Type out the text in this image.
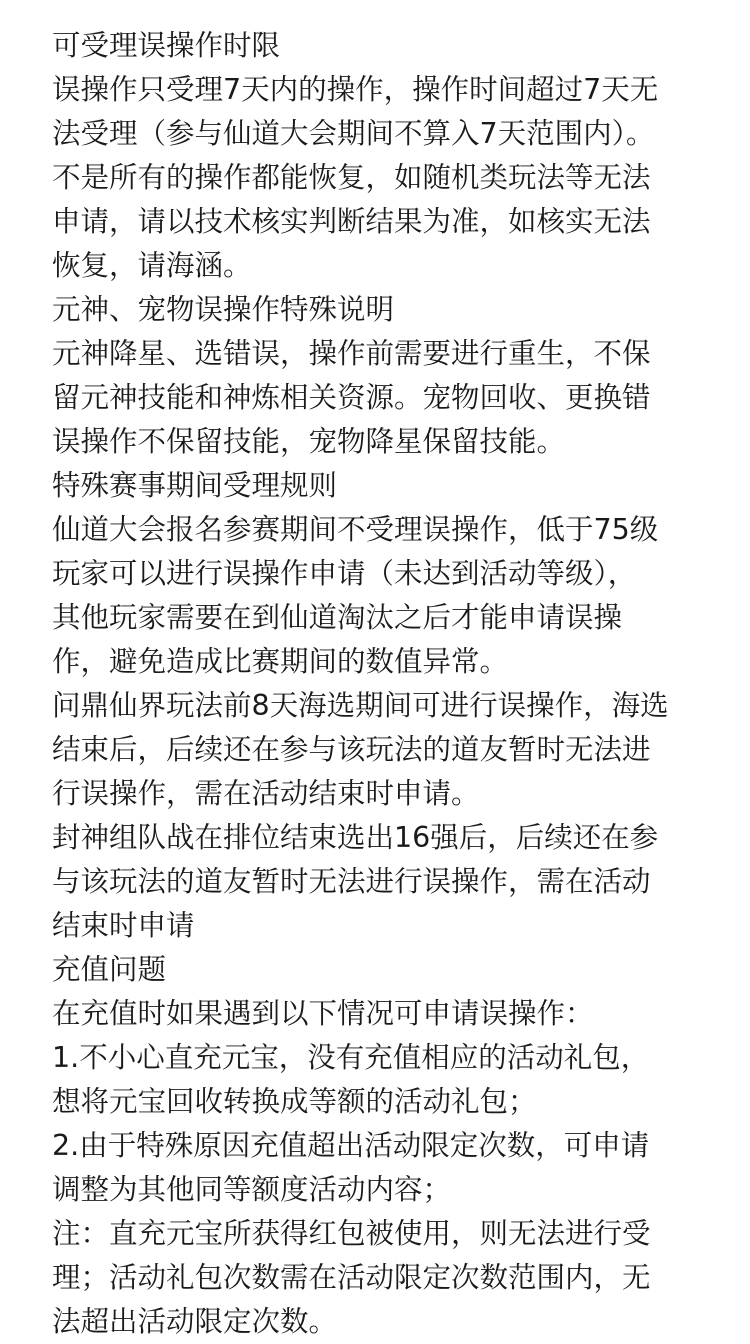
可受理误操作时限
误操作只受理7天内的操作，操作时间超过7天无
法受理（参与仙道大会期间不算入7天范围内）。
不是所有的操作都能恢复，如随机类玩法等无法
申请，请以技术核实判断结果为准，如核实无法
恢复，请海涵。
元神、宠物误操作特殊说明
元神降星、选错误，操作前需要进行重生，不保
留元神技能和神炼相关资源。宠物回收、更换错
误操作不保留技能，宠物降星保留技能。
特殊赛事期间受理规则
仙道大会报名参赛期间不受理误操作，低于75级
玩家可以进行误操作申请（未达到活动等级），
其他玩家需要在到仙道淘汰之后才能申请误操
作，避免造成比赛期间的数值异常。
问鼎仙界玩法前8天海选期间可进行误操作，海选
结束后，后续还在参与该玩法的道友暂时无法进
行误操作，需在活动结束时申请。
封神组队战在排位结束选出16强后，后续还在参
与该玩法的道友暂时无法进行误操作，需在活动
结束时申请
充值问题
在充值时如果遇到以下情况可申请误操作：
1.不小心直充元宝，没有充值相应的活动礼包，
想将元宝回收转换成等额的活动礼包；
2.由于特殊原因充值超出活动限定次数，可申请
调整为其他同等额度活动内容；
注：直充元宝所获得红包被使用，则无法进行受
理；活动礼包次数需在活动限定次数范围内，无
法超出活动限定次数。
